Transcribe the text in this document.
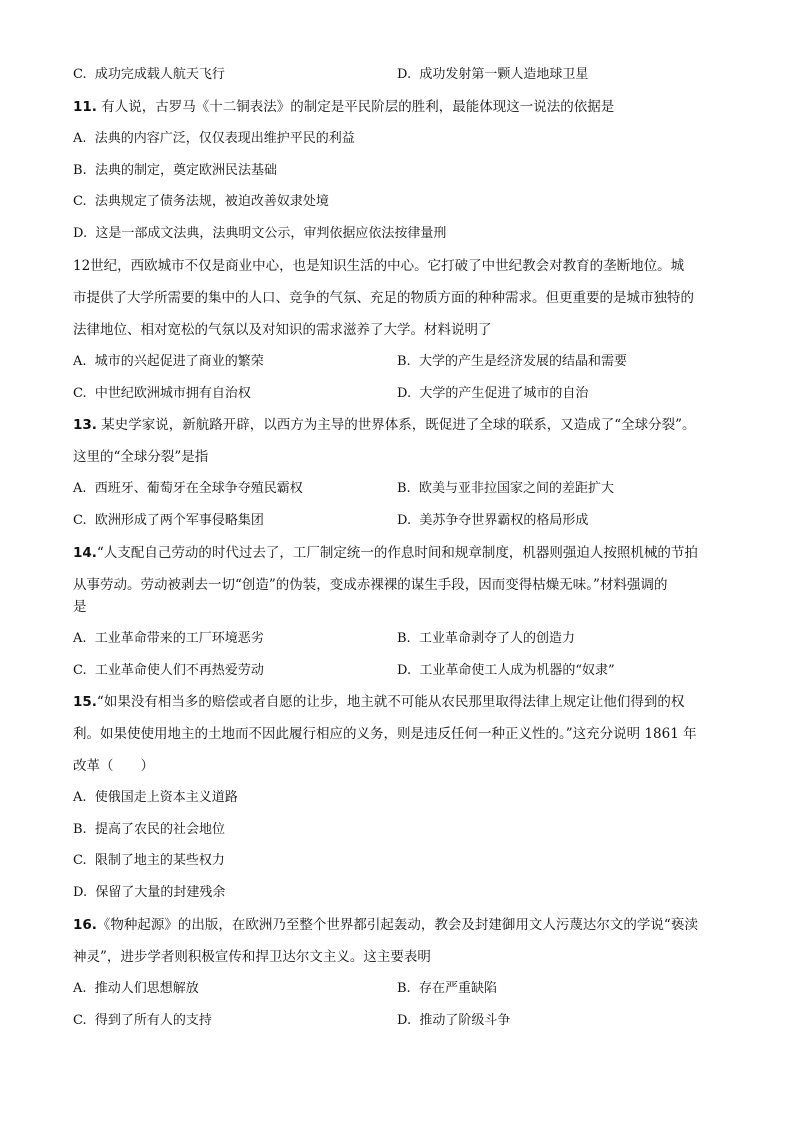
C. 成功完成载人航天飞行	D. 成功发射第一颗人造地球卫星
11. 有人说，古罗马《十二铜表法》的制定是平民阶层的胜利，最能体现这一说法的依据是
A. 法典的内容广泛，仅仅表现出维护平民的利益
B. 法典的制定，奠定欧洲民法基础
C. 法典规定了债务法规，被迫改善奴隶处境
D. 这是一部成文法典，法典明文公示，审判依据应依法按律量刑
12世纪，西欧城市不仅是商业中心，也是知识生活的中心。它打破了中世纪教会对教育的垄断地位。城
市提供了大学所需要的集中的人口、竞争的气氛、充足的物质方面的种种需求。但更重要的是城市独特的
法律地位、相对宽松的气氛以及对知识的需求滋养了大学。材料说明了
A. 城市的兴起促进了商业的繁荣	B. 大学的产生是经济发展的结晶和需要
C. 中世纪欧洲城市拥有自治权	D. 大学的产生促进了城市的自治
13. 某史学家说，新航路开辟，以西方为主导的世界体系，既促进了全球的联系，又造成了“全球分裂”。
这里的“全球分裂”是指
A. 西班牙、葡萄牙在全球争夺殖民霸权	B. 欧美与亚非拉国家之间的差距扩大
C. 欧洲形成了两个军事侵略集团	D. 美苏争夺世界霸权的格局形成
14.“人支配自己劳动的时代过去了，工厂制定统一的作息时间和规章制度，机器则强迫人按照机械的节拍
从事劳动。劳动被剥去一切“创造”的伪装，变成赤裸裸的谋生手段，因而变得枯燥无味。”材料强调的
是
A. 工业革命带来的工厂环境恶劣	B. 工业革命剥夺了人的创造力
C. 工业革命使人们不再热爱劳动	D. 工业革命使工人成为机器的“奴隶”
15.“如果没有相当多的赔偿或者自愿的让步，地主就不可能从农民那里取得法律上规定让他们得到的权
利。如果使使用地主的土地而不因此履行相应的义务，则是违反任何一种正义性的。”这充分说明 1861 年
改革（　　）
A. 使俄国走上资本主义道路
B. 提高了农民的社会地位
C. 限制了地主的某些权力
D. 保留了大量的封建残余
16.《物种起源》的出版，在欧洲乃至整个世界都引起轰动，教会及封建御用文人污蔑达尔文的学说“亵渎
神灵”，进步学者则积极宣传和捍卫达尔文主义。这主要表明
A. 推动人们思想解放	B. 存在严重缺陷
C. 得到了所有人的支持	D. 推动了阶级斗争
